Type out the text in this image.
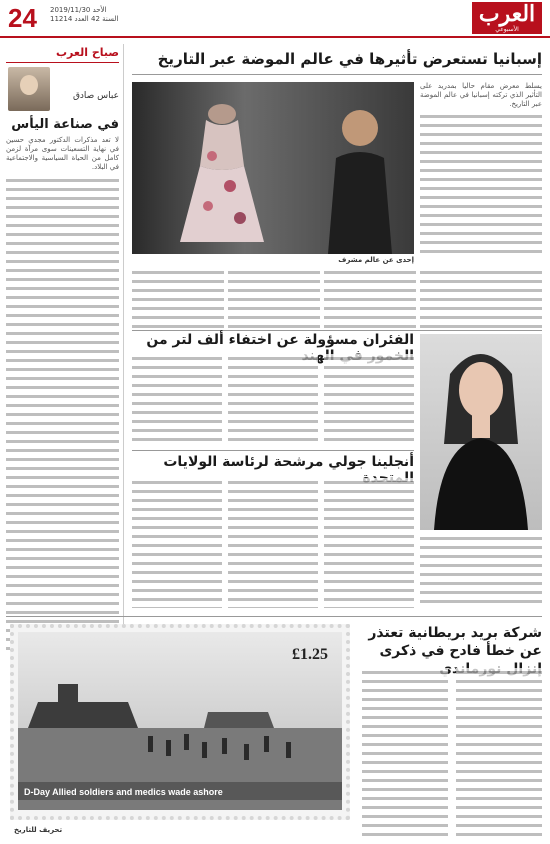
24 الأحد 2019/11/30
السنة 42 العدد 11214	العرب
الأسبوعي
صباح العرب
عباس صادق
في صناعة اليأس
لا تعد مذكرات الدكتور مجدي حسين في نهاية التسعينات سوى مرآة لزمن كامل من الحياة السياسية والاجتماعية في البلاد.
إسبانيا تستعرض تأثيرها في عالم الموضة عبر التاريخ
إحدى عن عالم مشرف
يسلط معرض مقام حاليا بمدريد على التأثير الذي تركته إسبانيا في عالم الموضة عبر التاريخ.
الفئران مسؤولة عن اختفاء ألف لتر من الهند
أنجلينا جولي مرشحة لرئاسة الولايات
شركة بريد بريطانية تعتذر عن خطأ فادح في ذكرى
£1.25
D-Day Allied soldiers and medics wade ashore
تحريف للتاريخ
